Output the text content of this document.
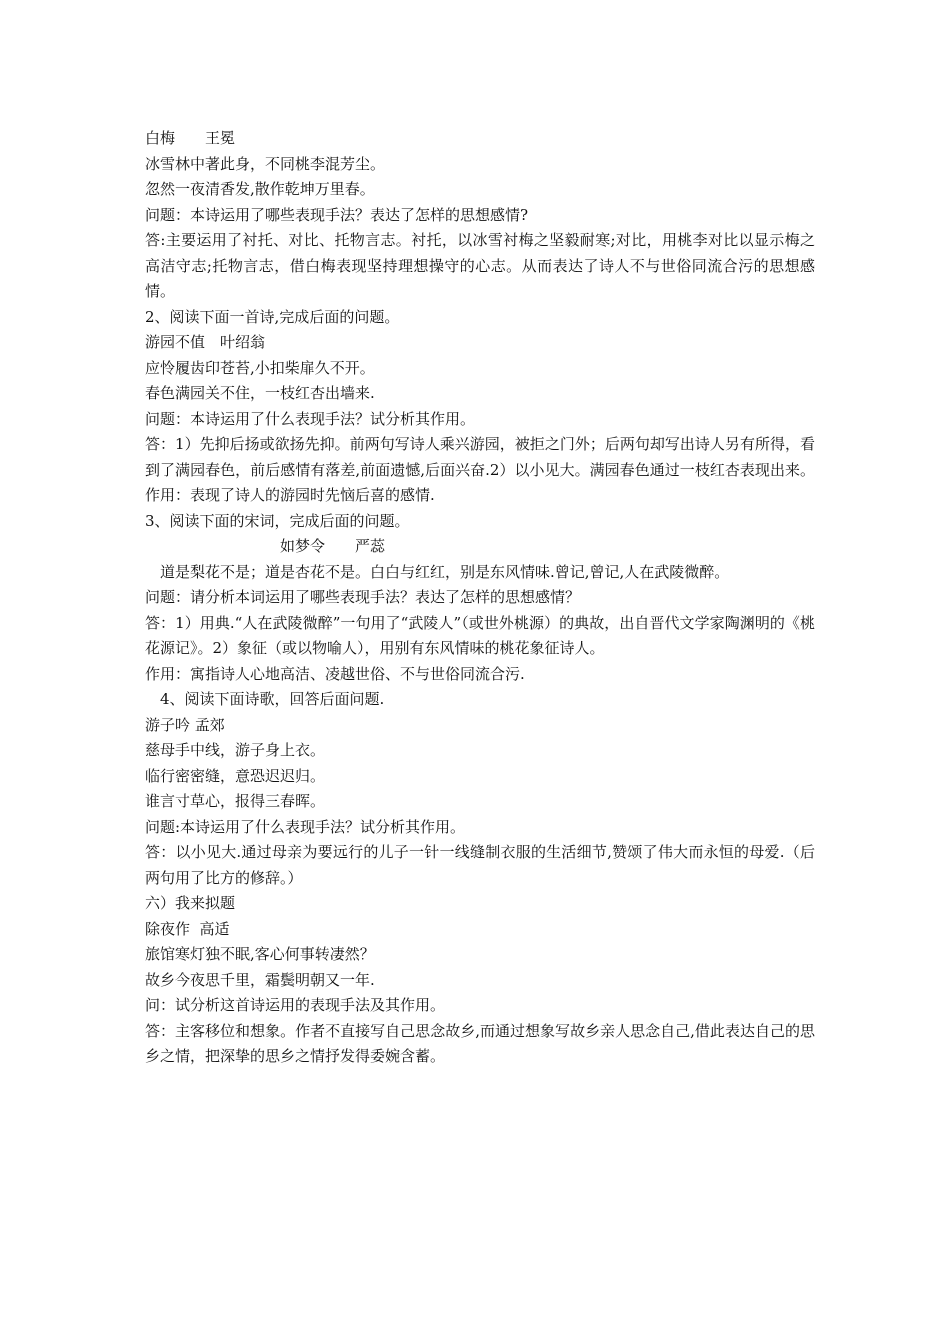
白梅　　王冕

冰雪林中著此身，不同桃李混芳尘。

忽然一夜清香发,散作乾坤万里春。

问题：本诗运用了哪些表现手法？表达了怎样的思想感情?

答:主要运用了衬托、对比、托物言志。衬托，以冰雪衬梅之坚毅耐寒;对比，用桃李对比以显示梅之高洁守志;托物言志，借白梅表现坚持理想操守的心志。从而表达了诗人不与世俗同流合污的思想感情。

2、阅读下面一首诗,完成后面的问题。

游园不值　叶绍翁

应怜履齿印苍苔,小扣柴扉久不开。

春色满园关不住，一枝红杏出墙来.

问题：本诗运用了什么表现手法？试分析其作用。

答：1）先抑后扬或欲扬先抑。前两句写诗人乘兴游园，被拒之门外；后两句却写出诗人另有所得，看到了满园春色，前后感情有落差,前面遗憾,后面兴奋.2）以小见大。满园春色通过一枝红杏表现出来。作用：表现了诗人的游园时先恼后喜的感情.

3、阅读下面的宋词，完成后面的问题。

如梦令　　严蕊

道是梨花不是；道是杏花不是。白白与红红，别是东风情味.曾记,曾记,人在武陵微醉。

问题：请分析本词运用了哪些表现手法？表达了怎样的思想感情？

答：1）用典.“人在武陵微醉”一句用了“武陵人”（或世外桃源）的典故，出自晋代文学家陶渊明的《桃花源记》。2）象征（或以物喻人），用别有东风情味的桃花象征诗人。

作用：寓指诗人心地高洁、凌越世俗、不与世俗同流合污.

4、阅读下面诗歌，回答后面问题.

游子吟 孟郊

慈母手中线，游子身上衣。

临行密密缝，意恐迟迟归。

谁言寸草心，报得三春晖。

问题:本诗运用了什么表现手法？试分析其作用。

答：以小见大.通过母亲为要远行的儿子一针一线缝制衣服的生活细节,赞颂了伟大而永恒的母爱.（后两句用了比方的修辞。）

六）我来拟题

除夜作  高适

旅馆寒灯独不眠,客心何事转凄然？

故乡今夜思千里，霜鬓明朝又一年.

问：试分析这首诗运用的表现手法及其作用。

答：主客移位和想象。作者不直接写自己思念故乡,而通过想象写故乡亲人思念自己,借此表达自己的思乡之情，把深挚的思乡之情抒发得委婉含蓄。
